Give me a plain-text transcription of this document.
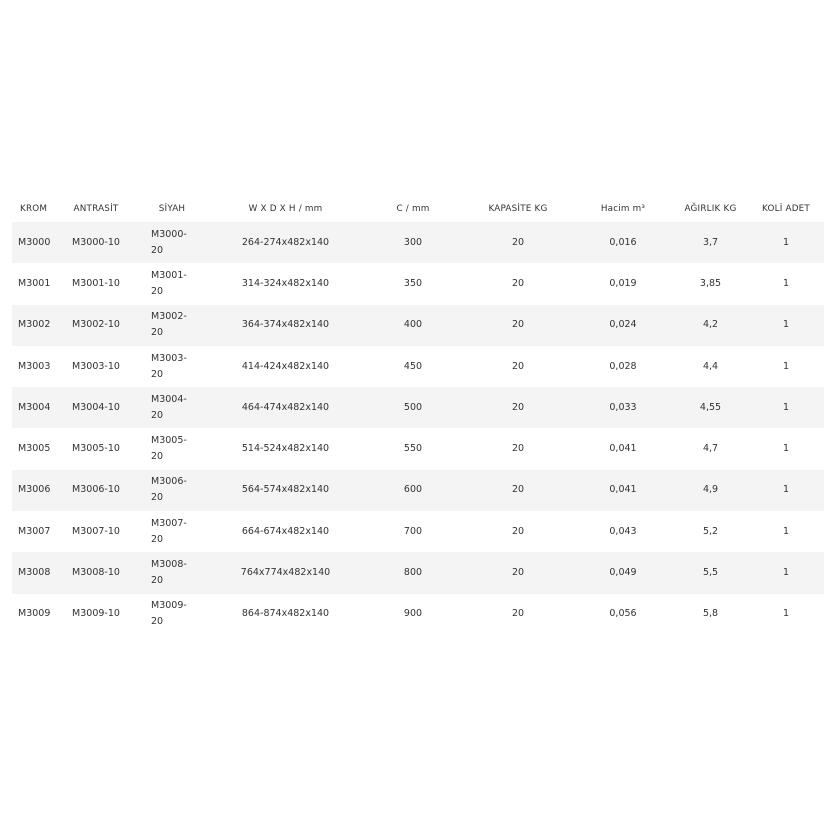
KROM	ANTRASİT	SİYAH	W X D X H / mm	C / mm	KAPASİTE KG	Hacim m³	AĞIRLIK KG	KOLİ ADET
M3000	M3000-10	M3000-20	264-274x482x140	300	20	0,016	3,7	1
M3001	M3001-10	M3001-20	314-324x482x140	350	20	0,019	3,85	1
M3002	M3002-10	M3002-20	364-374x482x140	400	20	0,024	4,2	1
M3003	M3003-10	M3003-20	414-424x482x140	450	20	0,028	4,4	1
M3004	M3004-10	M3004-20	464-474x482x140	500	20	0,033	4,55	1
M3005	M3005-10	M3005-20	514-524x482x140	550	20	0,041	4,7	1
M3006	M3006-10	M3006-20	564-574x482x140	600	20	0,041	4,9	1
M3007	M3007-10	M3007-20	664-674x482x140	700	20	0,043	5,2	1
M3008	M3008-10	M3008-20	764x774x482x140	800	20	0,049	5,5	1
M3009	M3009-10	M3009-20	864-874x482x140	900	20	0,056	5,8	1
